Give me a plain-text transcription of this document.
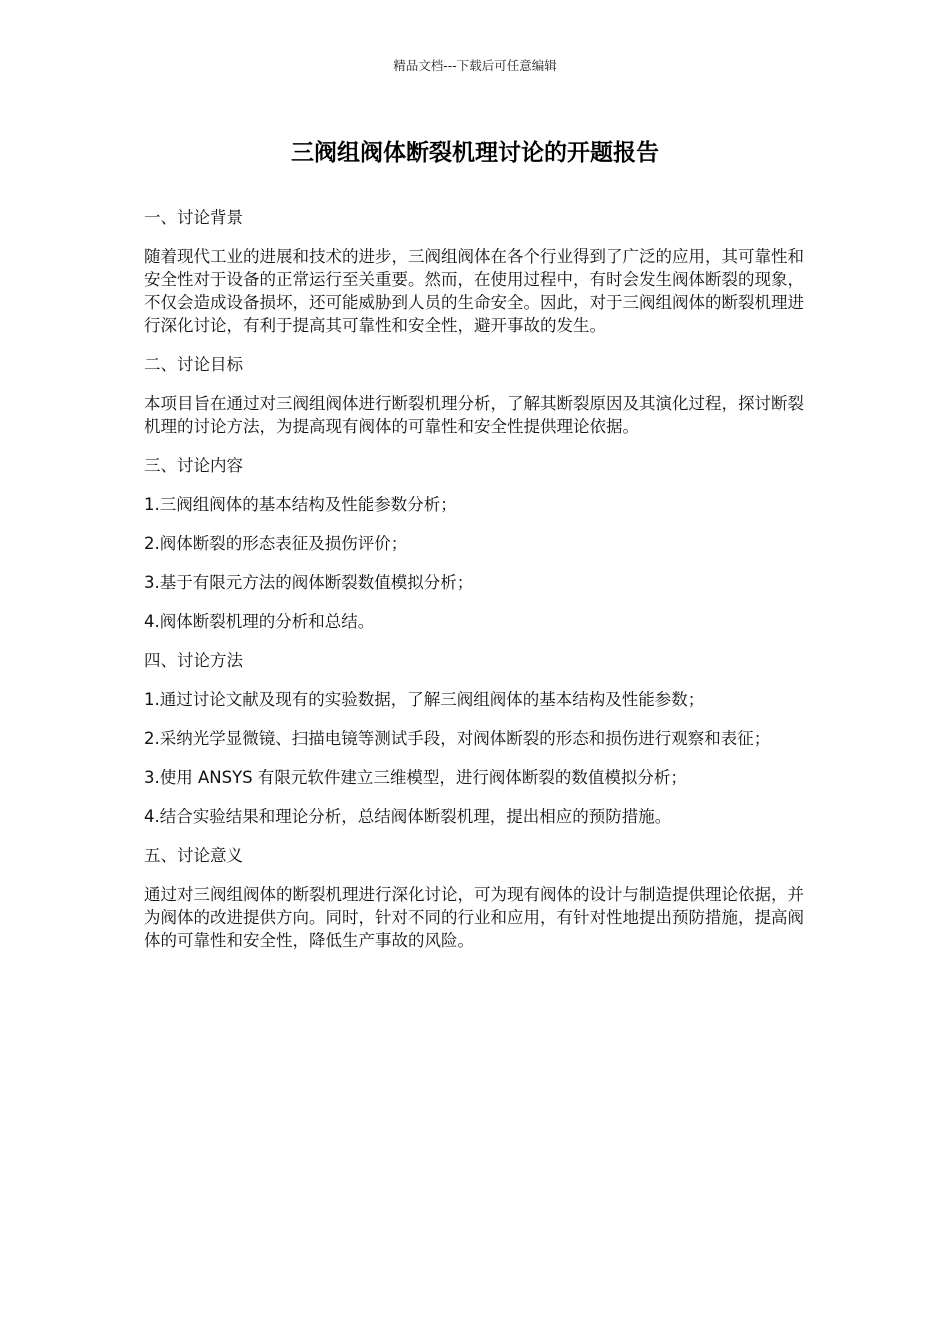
精品文档---下载后可任意编辑
三阀组阀体断裂机理讨论的开题报告

一、讨论背景

随着现代工业的进展和技术的进步，三阀组阀体在各个行业得到了广泛的应用，其可靠性和安全性对于设备的正常运行至关重要。然而，在使用过程中，有时会发生阀体断裂的现象，不仅会造成设备损坏，还可能威胁到人员的生命安全。因此，对于三阀组阀体的断裂机理进行深化讨论，有利于提高其可靠性和安全性，避开事故的发生。

二、讨论目标

本项目旨在通过对三阀组阀体进行断裂机理分析，了解其断裂原因及其演化过程，探讨断裂机理的讨论方法，为提高现有阀体的可靠性和安全性提供理论依据。

三、讨论内容

1.三阀组阀体的基本结构及性能参数分析；

2.阀体断裂的形态表征及损伤评价；

3.基于有限元方法的阀体断裂数值模拟分析；

4.阀体断裂机理的分析和总结。

四、讨论方法

1.通过讨论文献及现有的实验数据，了解三阀组阀体的基本结构及性能参数；

2.采纳光学显微镜、扫描电镜等测试手段，对阀体断裂的形态和损伤进行观察和表征；

3.使用 ANSYS 有限元软件建立三维模型，进行阀体断裂的数值模拟分析；

4.结合实验结果和理论分析，总结阀体断裂机理，提出相应的预防措施。

五、讨论意义

通过对三阀组阀体的断裂机理进行深化讨论，可为现有阀体的设计与制造提供理论依据，并为阀体的改进提供方向。同时，针对不同的行业和应用，有针对性地提出预防措施，提高阀体的可靠性和安全性，降低生产事故的风险。
